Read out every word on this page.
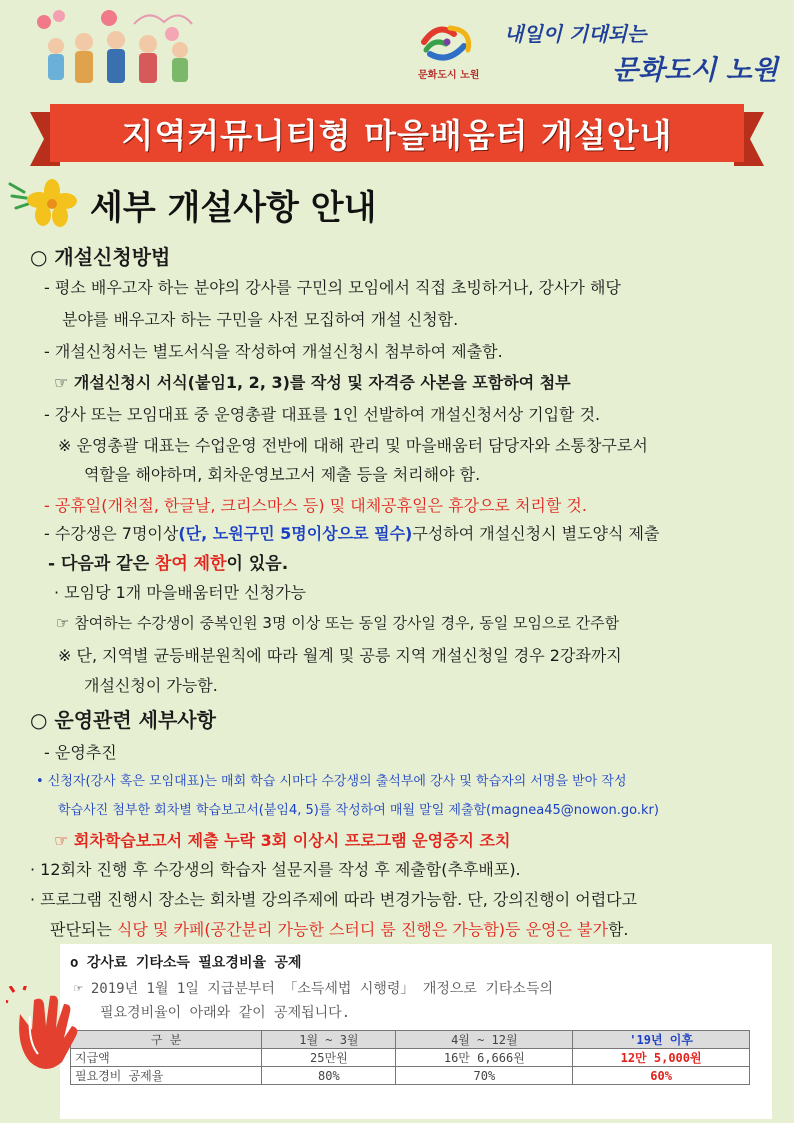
문화도시 노원
내일이 기대되는
문화도시 노원
지역커뮤니티형 마을배움터 개설안내
세부 개설사항 안내
○ 개설신청방법
- 평소 배우고자 하는 분야의 강사를 구민의 모임에서 직접 초빙하거나, 강사가 해당
분야를 배우고자 하는 구민을 사전 모집하여 개설 신청함.
- 개설신청서는 별도서식을 작성하여 개설신청시 첨부하여 제출함.
☞ 개설신청시 서식(붙임1, 2, 3)를 작성 및 자격증 사본을 포함하여 첨부
- 강사 또는 모임대표 중 운영총괄 대표를 1인 선발하여 개설신청서상 기입할 것.
※ 운영총괄 대표는 수업운영 전반에 대해 관리 및 마을배움터 담당자와 소통창구로서
역할을 해야하며, 회차운영보고서 제출 등을 처리해야 함.
- 공휴일(개천절, 한글날, 크리스마스 등) 및 대체공휴일은 휴강으로 처리할 것.
- 수강생은 7명이상(단, 노원구민 5명이상으로 필수)구성하여 개설신청시 별도양식 제출
- 다음과 같은 참여 제한이 있음.
· 모임당 1개 마을배움터만 신청가능
☞ 참여하는 수강생이 중복인원 3명 이상 또는 동일 강사일 경우, 동일 모임으로 간주함
※ 단, 지역별 균등배분원칙에 따라 월계 및 공릉 지역 개설신청일 경우 2강좌까지
개설신청이 가능함.
○ 운영관련 세부사항
- 운영추진
• 신청자(강사 혹은 모임대표)는 매회 학습 시마다 수강생의 출석부에 강사 및 학습자의 서명을 받아 작성
학습사진 첨부한 회차별 학습보고서(붙임4, 5)를 작성하여 매월 말일 제출함(magnea45@nowon.go.kr)
☞ 회차학습보고서 제출 누락 3회 이상시 프로그램 운영중지 조치
· 12회차 진행 후 수강생의 학습자 설문지를 작성 후 제출함(추후배포).
· 프로그램 진행시 장소는 회차별 강의주제에 따라 변경가능함. 단, 강의진행이 어렵다고
판단되는 식당 및 카페(공간분리 가능한 스터디 룸 진행은 가능함)등 운영은 불가함.
o 강사료 기타소득 필요경비율 공제
☞ 2019년 1월 1일 지급분부터 「소득세법 시행령」 개정으로 기타소득의
필요경비율이 아래와 같이 공제됩니다.
구 분	1월 ~ 3월	4월 ~ 12월	'19년 이후
지급액	25만원	16만 6,666원	12만 5,000원
필요경비 공제율	80%	70%	60%
